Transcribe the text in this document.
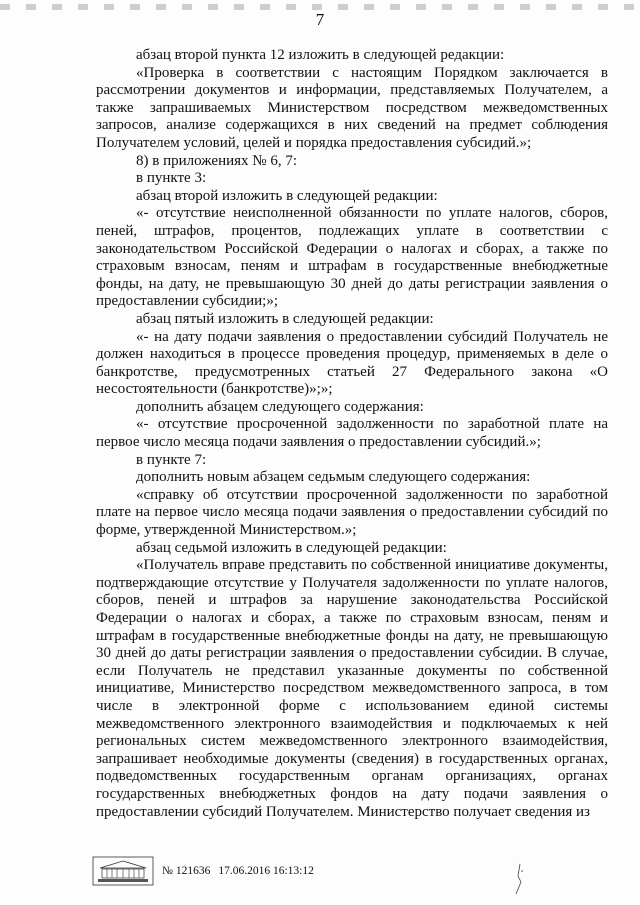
7

абзац второй пункта 12 изложить в следующей редакции:

«Проверка в соответствии с настоящим Порядком заключается в рассмотрении документов и информации, представляемых Получателем, а также запрашиваемых Министерством посредством межведомственных запросов, анализе содержащихся в них сведений на предмет соблюдения Получателем условий, целей и порядка предоставления субсидий.»;

8) в приложениях № 6, 7:

в пункте 3:

абзац второй изложить в следующей редакции:

«- отсутствие неисполненной обязанности по уплате налогов, сборов, пеней, штрафов, процентов, подлежащих уплате в соответствии с законодательством Российской Федерации о налогах и сборах, а также по страховым взносам, пеням и штрафам в государственные внебюджетные фонды, на дату, не превышающую 30 дней до даты регистрации заявления о предоставлении субсидии;»;

абзац пятый изложить в следующей редакции:

«- на дату подачи заявления о предоставлении субсидий Получатель не должен находиться в процессе проведения процедур, применяемых в деле о банкротстве, предусмотренных статьей 27 Федерального закона «О несостоятельности (банкротстве)»;»;

дополнить абзацем следующего содержания:

«- отсутствие просроченной задолженности по заработной плате на первое число месяца подачи заявления о предоставлении субсидий.»;

в пункте 7:

дополнить новым абзацем седьмым следующего содержания:

«справку об отсутствии просроченной задолженности по заработной плате на первое число месяца подачи заявления о предоставлении субсидий по форме, утвержденной Министерством.»;

абзац седьмой изложить в следующей редакции:

«Получатель вправе представить по собственной инициативе документы, подтверждающие отсутствие у Получателя задолженности по уплате налогов, сборов, пеней и штрафов за нарушение законодательства Российской Федерации о налогах и сборах, а также по страховым взносам, пеням и штрафам в государственные внебюджетные фонды на дату, не превышающую 30 дней до даты регистрации заявления о предоставлении субсидии. В случае, если Получатель не представил указанные документы по собственной инициативе, Министерство посредством межведомственного запроса, в том числе в электронной форме с использованием единой системы межведомственного электронного взаимодействия и подключаемых к ней региональных систем межведомственного электронного взаимодействия, запрашивает необходимые документы (сведения) в государственных органах, подведомственных государственным органам организациях, органах государственных внебюджетных фондов на дату подачи заявления о предоставлении субсидий Получателем. Министерство получает сведения из

№ 121636 17.06.2016 16:13:12
